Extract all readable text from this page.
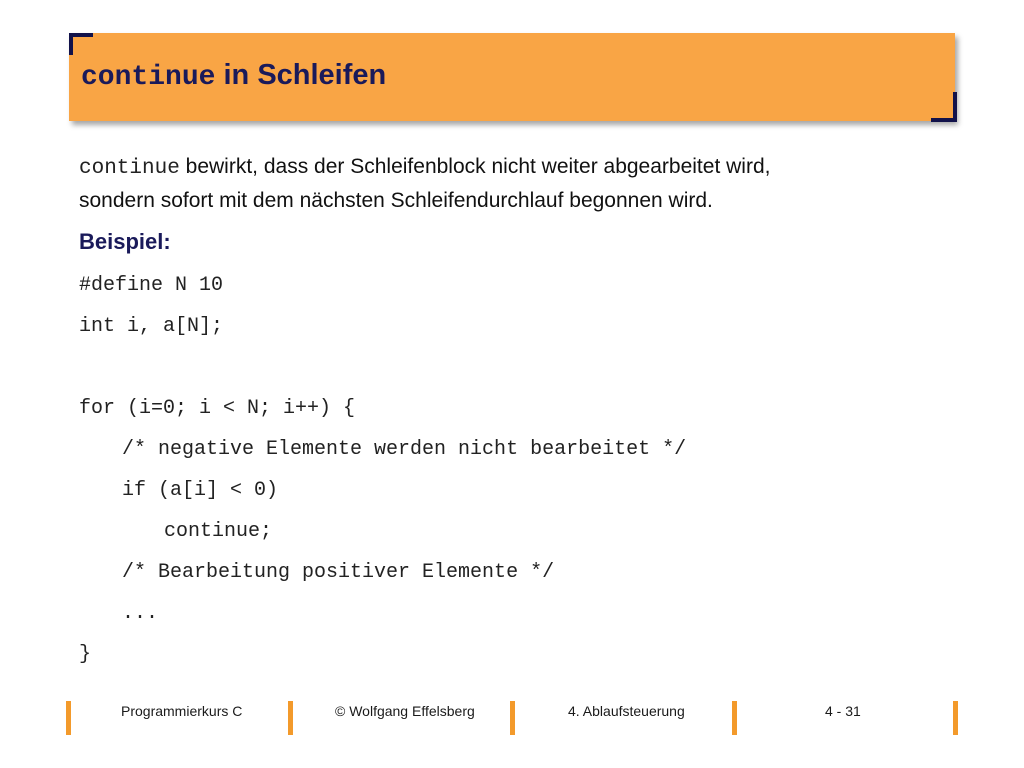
continue in Schleifen
continue bewirkt, dass der Schleifenblock nicht weiter abgearbeitet wird,
sondern sofort mit dem nächsten Schleifendurchlauf begonnen wird.
Beispiel:
#define N 10
int i, a[N];
for (i=0; i < N; i++) {
/* negative Elemente werden nicht bearbeitet */
if (a[i] < 0)
continue;
/* Bearbeitung positiver Elemente */
...
}
Programmierkurs C	© Wolfgang Effelsberg	4. Ablaufsteuerung	4 - 31
